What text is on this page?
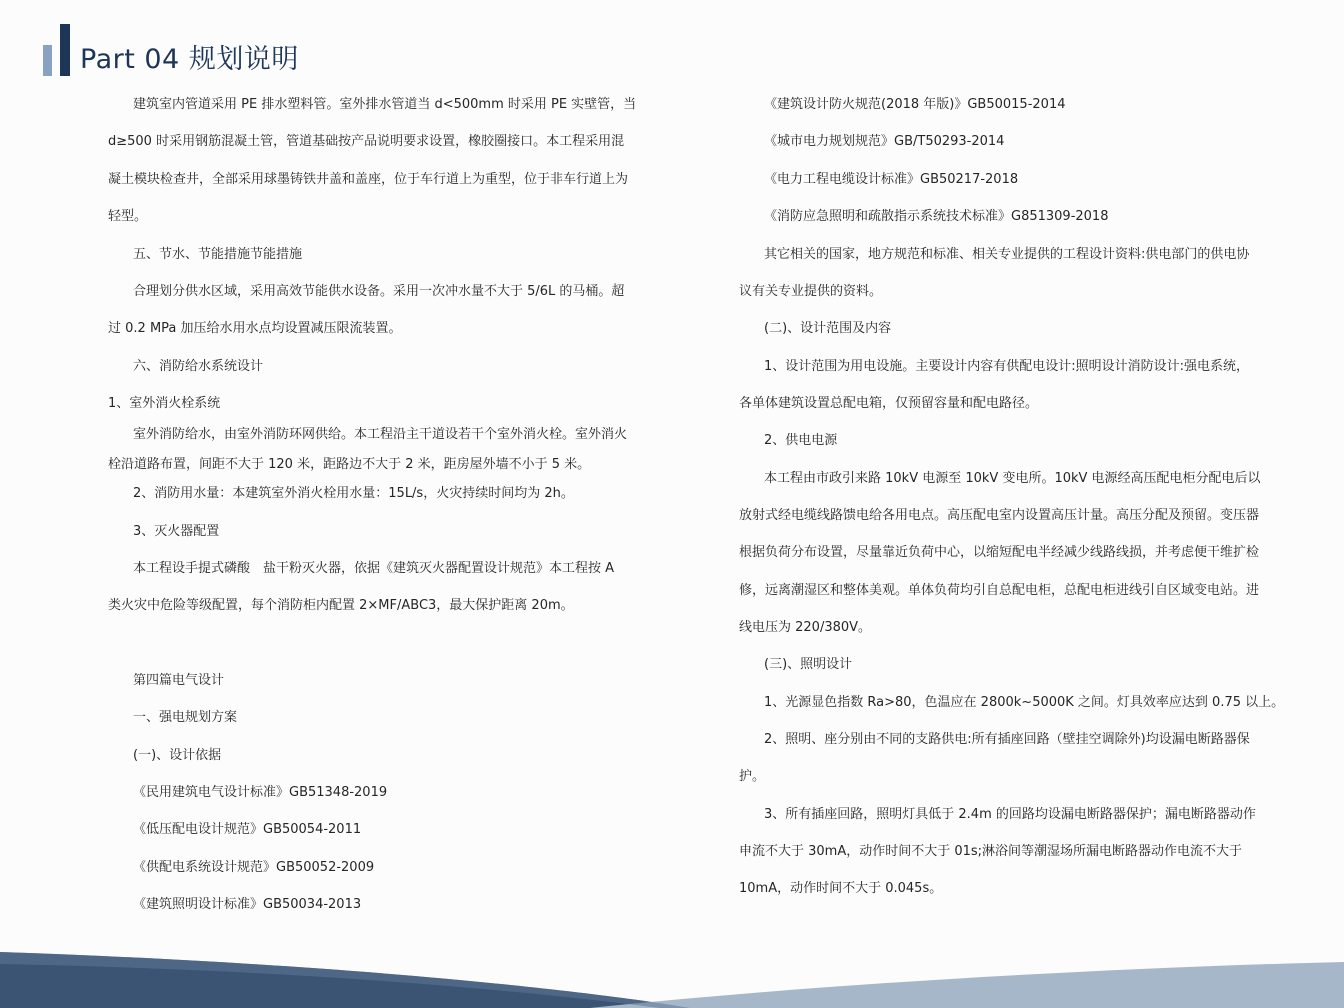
Part 04 规划说明
建筑室内管道采用 PE 排水塑料管。室外排水管道当 d<500mm 时采用 PE 实壁管，当
d≥500 时采用钢筋混凝土管，管道基础按产品说明要求设置，橡胶圈接口。本工程采用混
凝土模块检查井，全部采用球墨铸铁井盖和盖座，位于车行道上为重型，位于非车行道上为
轻型。
五、节水、节能措施节能措施
合理划分供水区域，采用高效节能供水设备。采用一次冲水量不大于 5/6L 的马桶。超
过 0.2 MPa 加压给水用水点均设置减压限流装置。
六、消防给水系统设计
1、室外消火栓系统
室外消防给水，由室外消防环网供给。本工程沿主干道设若干个室外消火栓。室外消火
栓沿道路布置，间距不大于 120 米，距路边不大于 2 米，距房屋外墙不小于 5 米。
2、消防用水量：本建筑室外消火栓用水量：15L/s，火灾持续时间均为 2h。
3、灭火器配置
本工程设手提式磷酸　盐干粉灭火器，依据《建筑灭火器配置设计规范》本工程按 A
类火灾中危险等级配置，每个消防柜内配置 2×MF/ABC3，最大保护距离 20m。
第四篇电气设计
一、强电规划方案
(一)、设计依据
《民用建筑电气设计标准》GB51348-2019
《低压配电设计规范》GB50054-2011
《供配电系统设计规范》GB50052-2009
《建筑照明设计标准》GB50034-2013
《建筑设计防火规范(2018 年版)》GB50015-2014
《城市电力规划规范》GB/T50293-2014
《电力工程电缆设计标准》GB50217-2018
《消防应急照明和疏散指示系统技术标准》G851309-2018
其它相关的国家，地方规范和标准、相关专业提供的工程设计资料:供电部门的供电协
议有关专业提供的资料。
(二)、设计范围及内容
1、设计范围为用电设施。主要设计内容有供配电设计:照明设计消防设计:强电系统，
各单体建筑设置总配电箱，仅预留容量和配电路径。
2、供电电源
本工程由市政引来路 10kV 电源至 10kV 变电所。10kV 电源经高压配电柜分配电后以
放射式经电缆线路馈电给各用电点。高压配电室内设置高压计量。高压分配及预留。变压器
根据负荷分布设置，尽量靠近负荷中心，以缩短配电半经减少线路线损，并考虑便干维扩检
修，远离潮湿区和整体美观。单体负荷均引自总配电柜，总配电柜进线引自区域变电站。进
线电压为 220/380V。
(三)、照明设计
1、光源显色指数 Ra>80，色温应在 2800k~5000K 之间。灯具效率应达到 0.75 以上。
2、照明、座分别由不同的支路供电:所有插座回路（壁挂空调除外)均设漏电断路器保
护。
3、所有插座回路，照明灯具低于 2.4m 的回路均设漏电断路器保护；漏电断路器动作
申流不大于 30mA，动作时间不大于 01s;淋浴间等潮湿场所漏电断路器动作电流不大于
10mA，动作时间不大于 0.045s。
